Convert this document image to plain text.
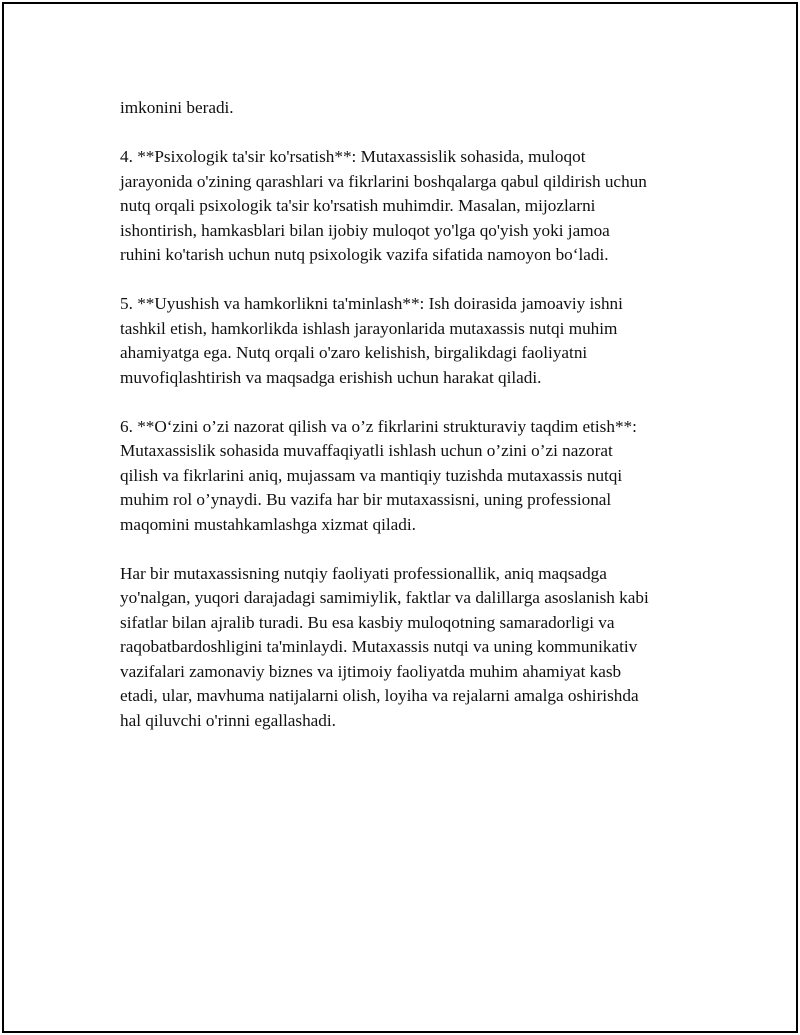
imkonini beradi.

4. **Psixologik ta'sir ko'rsatish**: Mutaxassislik sohasida, muloqot
jarayonida o'zining qarashlari va fikrlarini boshqalarga qabul qildirish uchun
nutq orqali psixologik ta'sir ko'rsatish muhimdir. Masalan, mijozlarni
ishontirish, hamkasblari bilan ijobiy muloqot yo'lga qo'yish yoki jamoa
ruhini ko'tarish uchun nutq psixologik vazifa sifatida namoyon bo‘ladi.

5. **Uyushish va hamkorlikni ta'minlash**: Ish doirasida jamoaviy ishni
tashkil etish, hamkorlikda ishlash jarayonlarida mutaxassis nutqi muhim
ahamiyatga ega. Nutq orqali o'zaro kelishish, birgalikdagi faoliyatni
muvofiqlashtirish va maqsadga erishish uchun harakat qiladi.

6. **O‘zini o’zi nazorat qilish va o’z fikrlarini strukturaviy taqdim etish**:
Mutaxassislik sohasida muvaffaqiyatli ishlash uchun o’zini o’zi nazorat
qilish va fikrlarini aniq, mujassam va mantiqiy tuzishda mutaxassis nutqi
muhim rol o’ynaydi. Bu vazifa har bir mutaxassisni, uning professional
maqomini mustahkamlashga xizmat qiladi.

Har bir mutaxassisning nutqiy faoliyati professionallik, aniq maqsadga
yo'nalgan, yuqori darajadagi samimiylik, faktlar va dalillarga asoslanish kabi
sifatlar bilan ajralib turadi. Bu esa kasbiy muloqotning samaradorligi va
raqobatbardoshligini ta'minlaydi. Mutaxassis nutqi va uning kommunikativ
vazifalari zamonaviy biznes va ijtimoiy faoliyatda muhim ahamiyat kasb
etadi, ular, mavhuma natijalarni olish, loyiha va rejalarni amalga oshirishda
hal qiluvchi o'rinni egallashadi.
